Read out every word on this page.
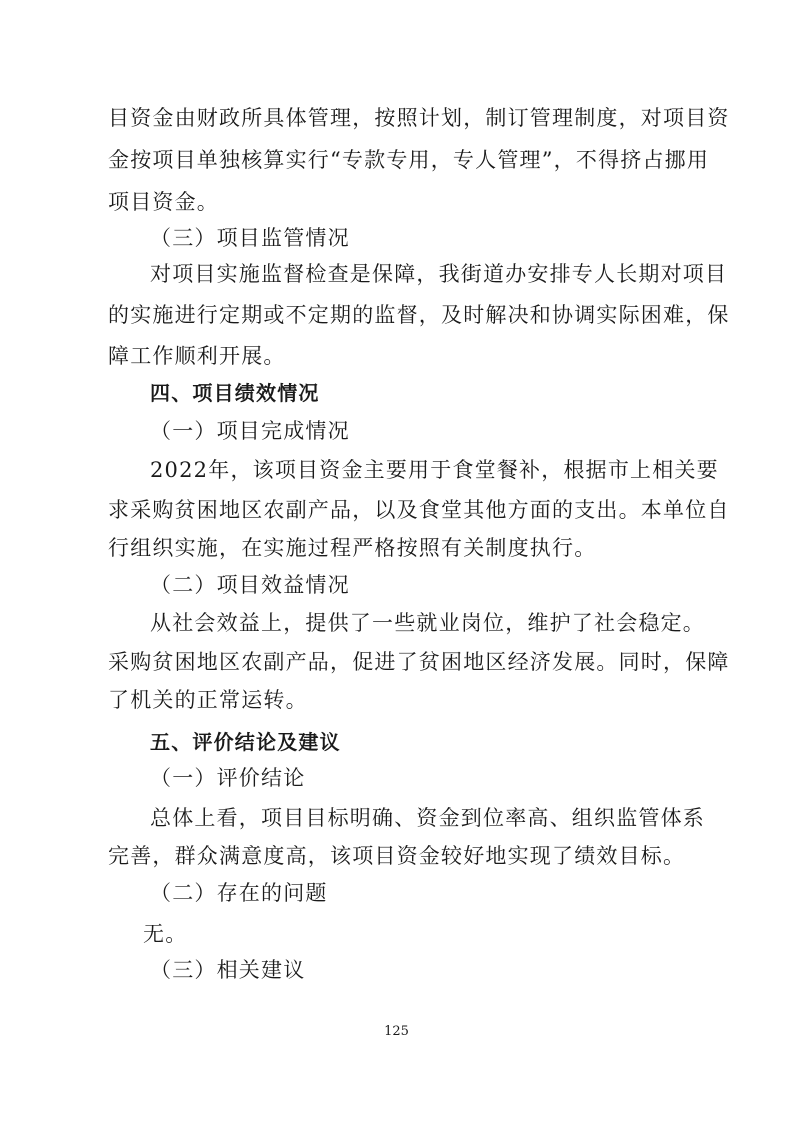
目资金由财政所具体管理，按照计划，制订管理制度，对项目资
金按项目单独核算实行“专款专用，专人管理”，不得挤占挪用
项目资金。
（三）项目监管情况
对项目实施监督检查是保障，我街道办安排专人长期对项目
的实施进行定期或不定期的监督，及时解决和协调实际困难，保
障工作顺利开展。
四、项目绩效情况
（一）项目完成情况
2022年，该项目资金主要用于食堂餐补，根据市上相关要
求采购贫困地区农副产品，以及食堂其他方面的支出。本单位自
行组织实施，在实施过程严格按照有关制度执行。
（二）项目效益情况
从社会效益上，提供了一些就业岗位，维护了社会稳定。
采购贫困地区农副产品，促进了贫困地区经济发展。同时，保障
了机关的正常运转。
五、评价结论及建议
（一）评价结论
总体上看，项目目标明确、资金到位率高、组织监管体系
完善，群众满意度高，该项目资金较好地实现了绩效目标。
（二）存在的问题
无。
（三）相关建议
125
